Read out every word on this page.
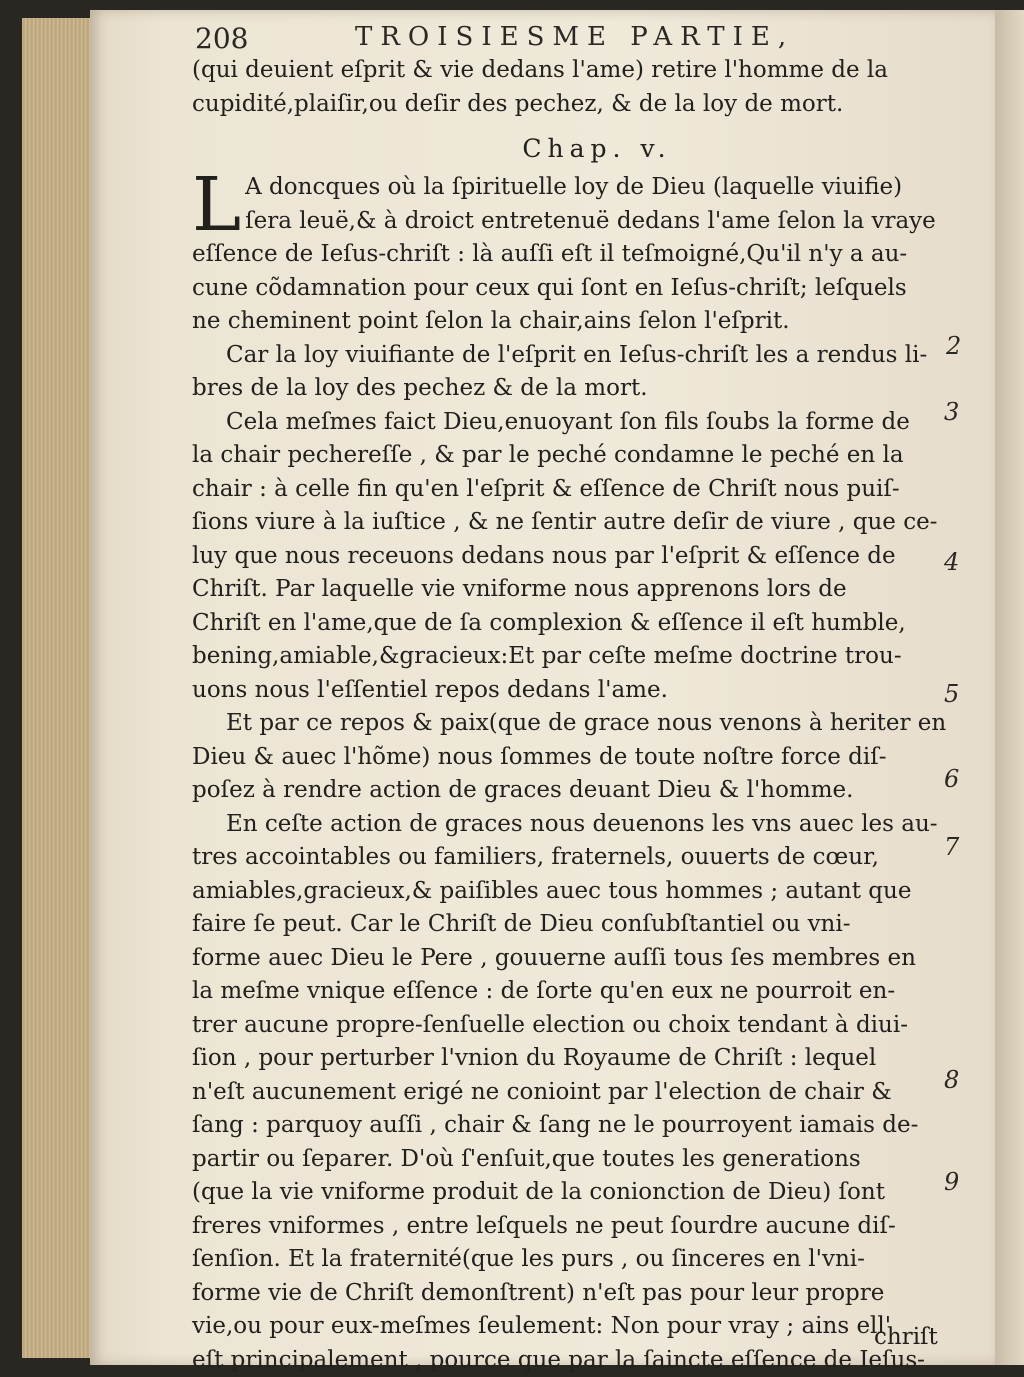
208	TROISIESME PARTIE,
(qui deuient eſprit & vie dedans l'ame) retire l'homme de la
cupidité,plaiſir,ou deſir des pechez, & de la loy de mort.
Chap. v.
L A doncques où la ſpirituelle loy de Dieu (laquelle viuifie)
ſera leuë,& à droict entretenuë dedans l'ame ſelon la vraye
eſſence de Ieſus-chriſt : là auſſi eſt il teſmoigné,Qu'il n'y a au-
cune cõdamnation pour ceux qui ſont en Ieſus-chriſt; leſquels
ne cheminent point ſelon la chair,ains ſelon l'eſprit.
Car la loy viuifiante de l'eſprit en Ieſus-chriſt les a rendus li-
bres de la loy des pechez & de la mort.
Cela meſmes faict Dieu,enuoyant ſon fils ſoubs la forme de
la chair pechereſſe , & par le peché condamne le peché en la
chair : à celle fin qu'en l'eſprit & eſſence de Chriſt nous puiſ-
ſions viure à la iuſtice , & ne ſentir autre deſir de viure , que ce-
luy que nous receuons dedans nous par l'eſprit & eſſence de
Chriſt. Par laquelle vie vniforme nous apprenons lors de
Chriſt en l'ame,que de ſa complexion & eſſence il eſt humble,
bening,amiable,&gracieux:Et par ceſte meſme doctrine trou-
uons nous l'eſſentiel repos dedans l'ame.
Et par ce repos & paix(que de grace nous venons à heriter en
Dieu & auec l'hõme) nous ſommes de toute noſtre force diſ-
poſez à rendre action de graces deuant Dieu & l'homme.
En ceſte action de graces nous deuenons les vns auec les au-
tres accointables ou familiers, fraternels, ouuerts de cœur,
amiables,gracieux,& paiſibles auec tous hommes ; autant que
faire ſe peut. Car le Chriſt de Dieu conſubſtantiel ou vni-
forme auec Dieu le Pere , gouuerne auſſi tous ſes membres en
la meſme vnique eſſence : de ſorte qu'en eux ne pourroit en-
trer aucune propre-ſenſuelle election ou choix tendant à diui-
ſion , pour perturber l'vnion du Royaume de Chriſt : lequel
n'eſt aucunement erigé ne conioint par l'election de chair &
ſang : parquoy auſſi , chair & ſang ne le pourroyent iamais de-
partir ou ſeparer. D'où ſ'enſuit,que toutes les generations
(que la vie vniforme produit de la conionction de Dieu) ſont
freres vniformes , entre leſquels ne peut ſourdre aucune diſ-
ſenſion. Et la fraternité(que les purs , ou ſinceres en l'vni-
forme vie de Chriſt demonſtrent) n'eſt pas pour leur propre
vie,ou pour eux-meſmes ſeulement: Non pour vray ; ains ell'
eſt principalement , pource que par la ſaincte eſſence de Ieſus-
2
3
4
5
6
7
8
9
chriſt
